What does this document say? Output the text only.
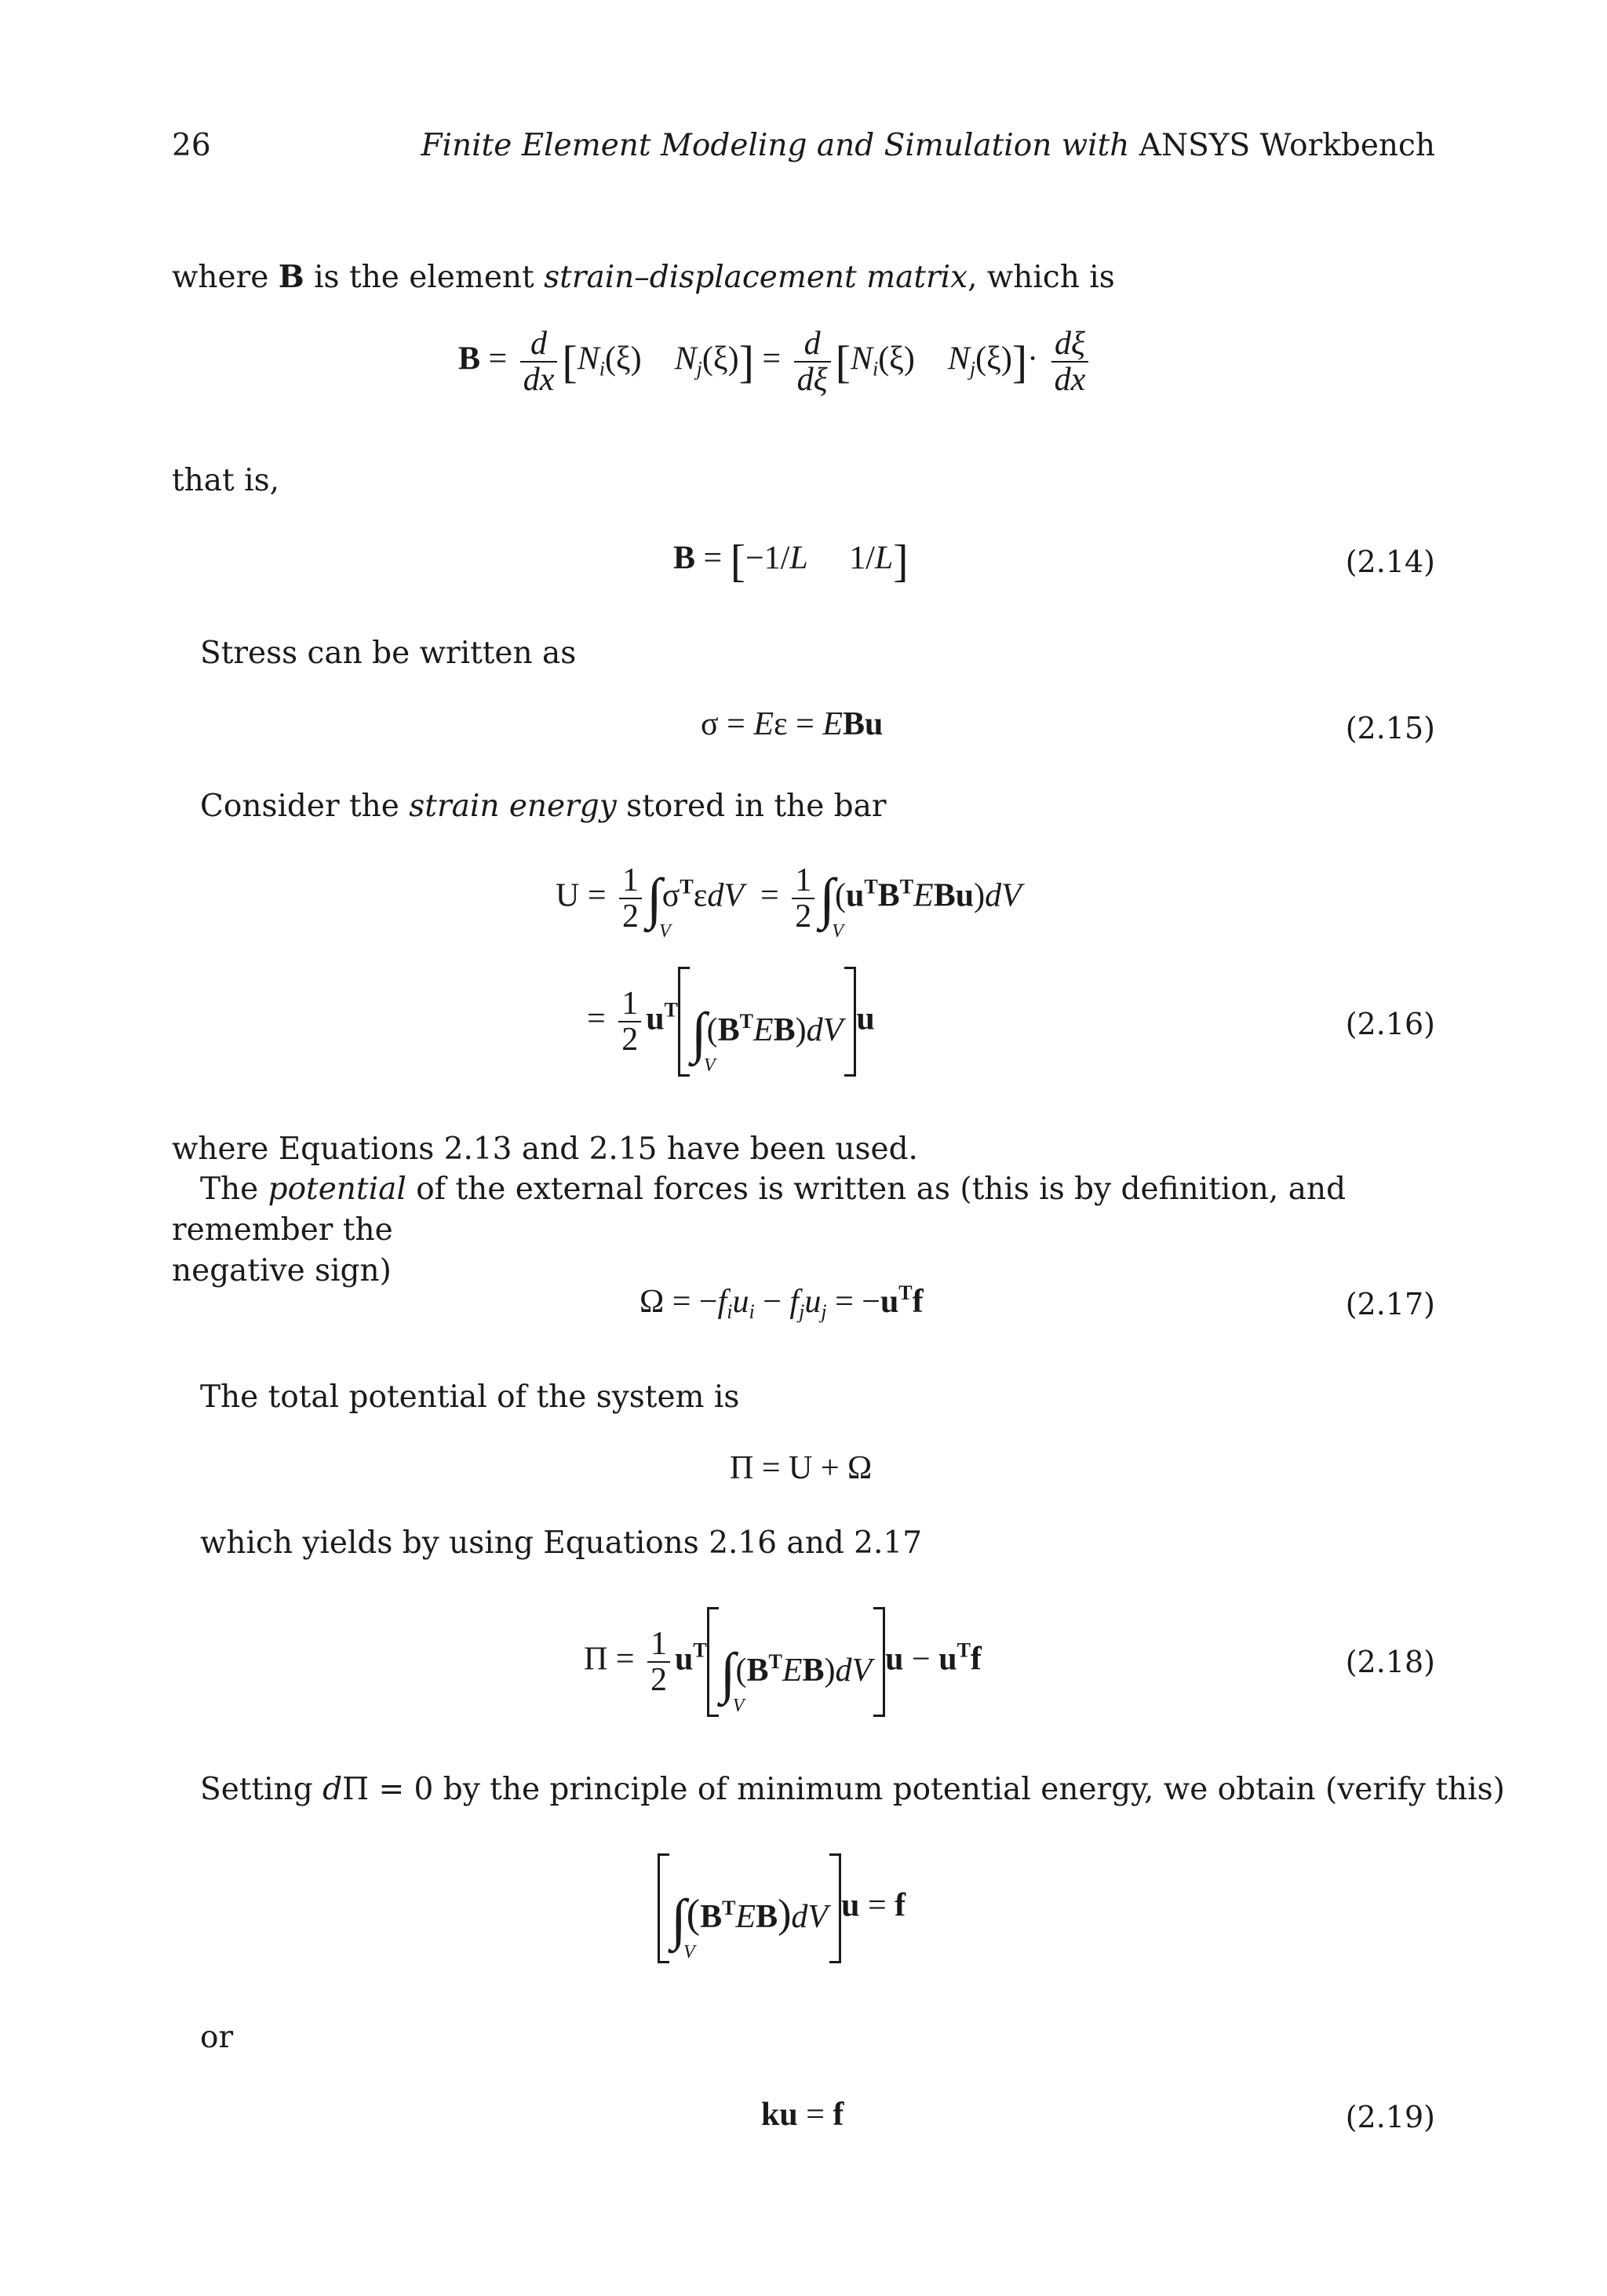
26	Finite Element Modeling and Simulation with ANSYS Workbench
where B is the element strain–displacement matrix, which is
$B = \frac{d}{dx} [N_i(\xi)$    $N_j(\xi)] = \frac{d}{d\xi} [N_i(\xi)$    $N_j(\xi)]\cdot \frac{d\xi}{dx}$
that is,
B = [−1/L     1/L]	(2.14)
Stress can be written as
σ = Eε = EBu	(2.15)
Consider the strain energy stored in the bar
$U = \frac{1}{2}$ ∫
V
$\sigma^T\varepsilon dV = \frac{1}{2}$ ∫
V
$(u^TB^TEBu)dV$
= $\frac{1}{2} u^T$ ∫
V
$(B^TEB)dV$ u	(2.16)
where Equations 2.13 and 2.15 have been used.
The potential of the external forces is written as (this is by definition, and remember the
negative sign)
$\Omega = -f_iu_i - f_ju_j = -u^Tf$	(2.17)
The total potential of the system is
Π = U + Ω
which yields by using Equations 2.16 and 2.17
$\Pi = \frac{1}{2} u^T$ ∫
V
$(B^TEB)dV$ $u - u^Tf$	(2.18)
Setting dΠ = 0 by the principle of minimum potential energy, we obtain (verify this)
∫
V
$(B^TEB)dV$ u = f
or
ku = f	(2.19)
